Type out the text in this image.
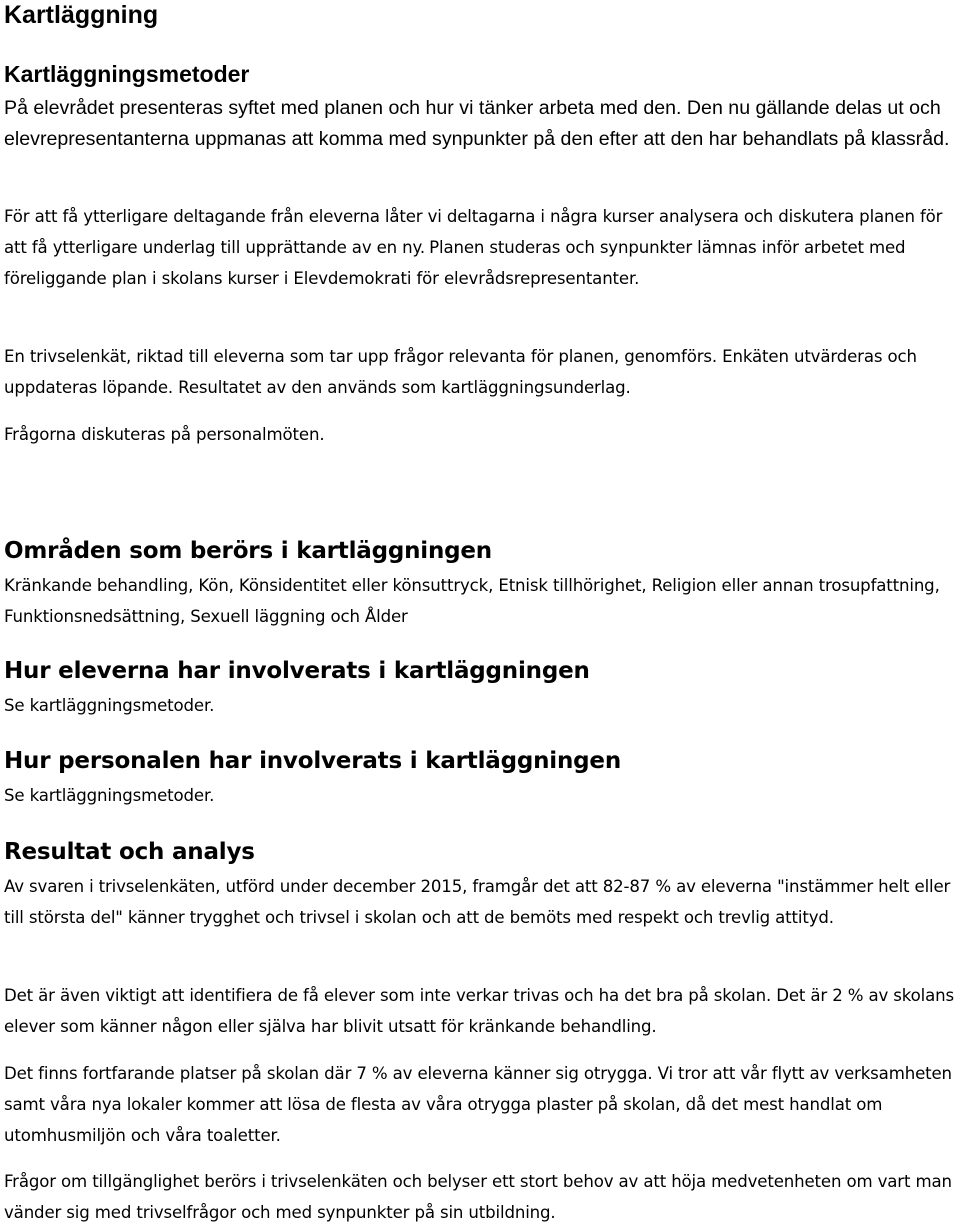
Kartläggning
Kartläggningsmetoder

På elevrådet presenteras syftet med planen och hur vi tänker arbeta med den. Den nu gällande delas ut och elevrepresentanterna uppmanas att komma med synpunkter på den efter att den har behandlats på klassråd.

För att få ytterligare deltagande från eleverna låter vi deltagarna i några kurser analysera och diskutera planen för att få ytterligare underlag till upprättande av en ny. Planen studeras och synpunkter lämnas inför arbetet med föreliggande plan i skolans kurser i Elevdemokrati för elevrådsrepresentanter.

En trivselenkät, riktad till eleverna som tar upp frågor relevanta för planen, genomförs. Enkäten utvärderas och uppdateras löpande. Resultatet av den används som kartläggningsunderlag.

Frågorna diskuteras på personalmöten.

Områden som berörs i kartläggningen

Kränkande behandling, Kön, Könsidentitet eller könsuttryck, Etnisk tillhörighet, Religion eller annan trosupfattning, Funktionsnedsättning, Sexuell läggning och Ålder

Hur eleverna har involverats i kartläggningen

Se kartläggningsmetoder.

Hur personalen har involverats i kartläggningen

Se kartläggningsmetoder.

Resultat och analys

Av svaren i trivselenkäten, utförd under december 2015, framgår det att 82-87 % av eleverna "instämmer helt eller till största del" känner trygghet och trivsel i skolan och att de bemöts med respekt och trevlig attityd.

Det är även viktigt att identifiera de få elever som inte verkar trivas och ha det bra på skolan. Det är 2 % av skolans elever som känner någon eller själva har blivit utsatt för kränkande behandling.

Det finns fortfarande platser på skolan där 7 % av eleverna känner sig otrygga. Vi tror att vår flytt av verksamheten samt våra nya lokaler kommer att lösa de flesta av våra otrygga plaster på skolan, då det mest handlat om utomhusmiljön och våra toaletter.

Frågor om tillgänglighet berörs i trivselenkäten och belyser ett stort behov av att höja medvetenheten om vart man vänder sig med trivselfrågor och med synpunkter på sin utbildning.
